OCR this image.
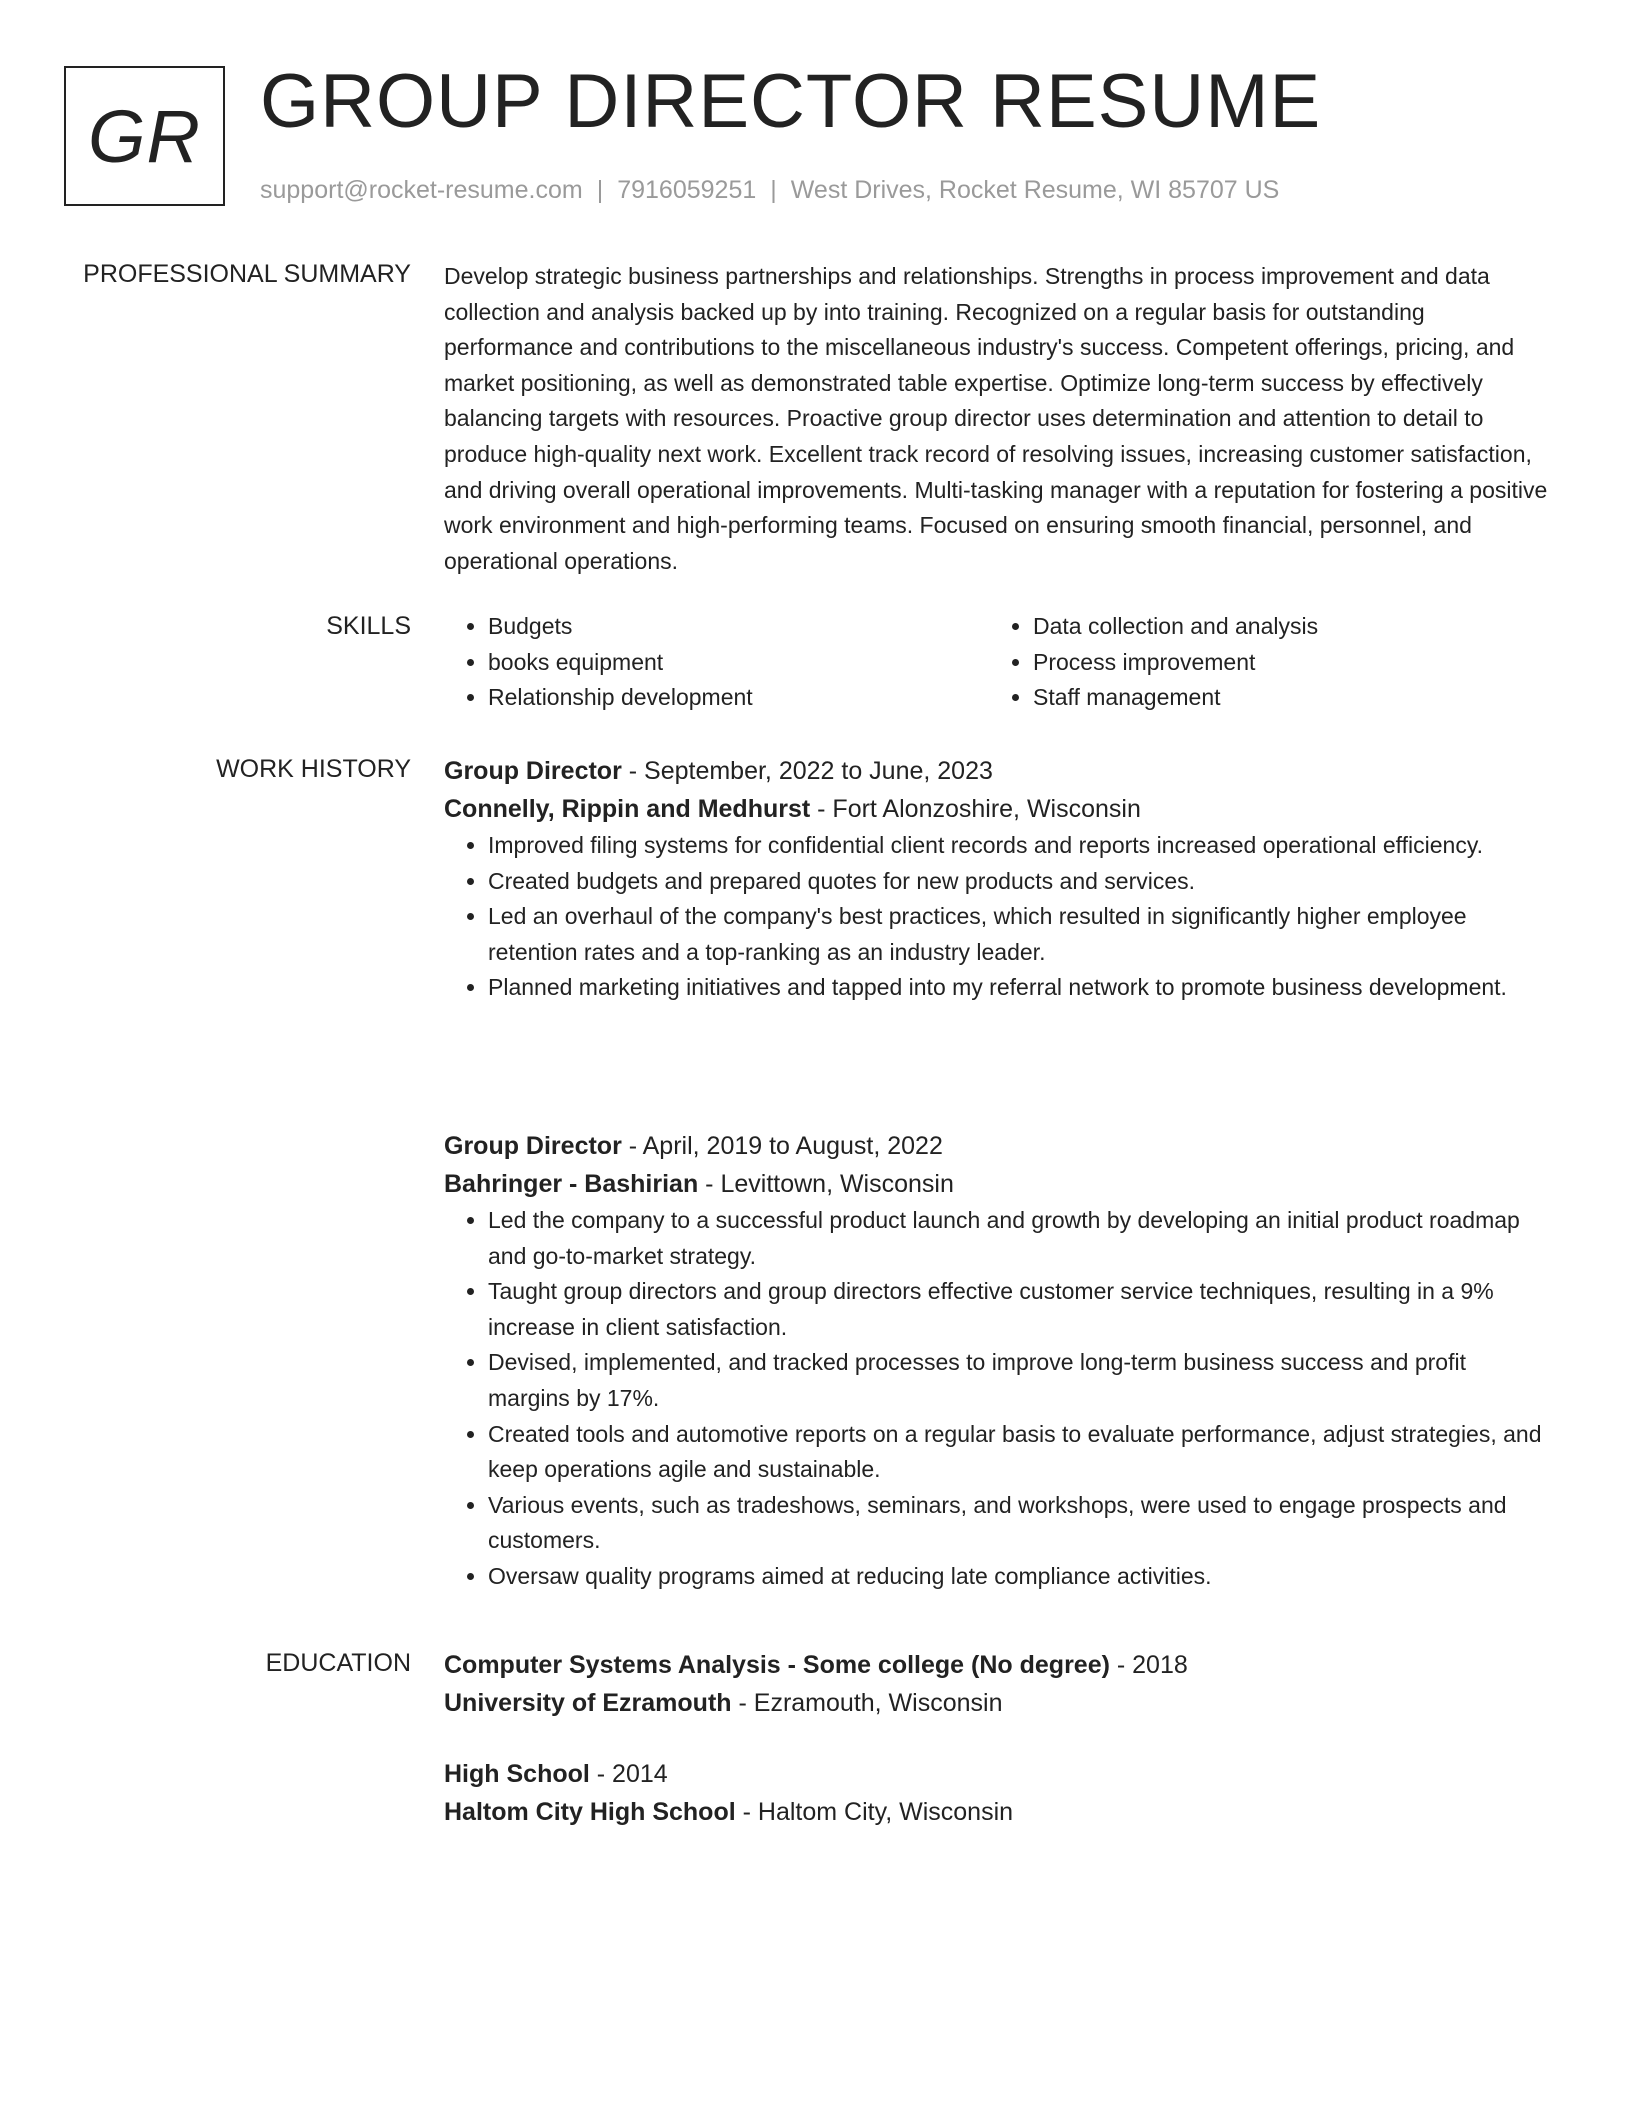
GR GROUP DIRECTOR RESUME
support@rocket-resume.com | 7916059251 | West Drives, Rocket Resume, WI 85707 US
PROFESSIONAL SUMMARY Develop strategic business partnerships and relationships. Strengths in process improvement and data collection and analysis backed up by into training. Recognized on a regular basis for outstanding performance and contributions to the miscellaneous industry's success. Competent offerings, pricing, and market positioning, as well as demonstrated table expertise. Optimize long-term success by effectively balancing targets with resources. Proactive group director uses determination and attention to detail to produce high-quality next work. Excellent track record of resolving issues, increasing customer satisfaction, and driving overall operational improvements. Multi-tasking manager with a reputation for fostering a positive work environment and high-performing teams. Focused on ensuring smooth financial, personnel, and operational operations.

SKILLS
•	Budgets
• books equipment
• Relationship development
• Data collection and analysis
• Process improvement
• Staff management
WORK HISTORY Group Director - September, 2022 to June, 2023
Connelly, Rippin and Medhurst - Fort Alonzoshire, Wisconsin
• Improved filing systems for confidential client records and reports increased operational efficiency.
• Created budgets and prepared quotes for new products and services.
• Led an overhaul of the company's best practices, which resulted in significantly higher employee retention rates and a top-ranking as an industry leader.
• Planned marketing initiatives and tapped into my referral network to promote business development.
Group Director - April, 2019 to August, 2022
Bahringer - Bashirian - Levittown, Wisconsin
• Led the company to a successful product launch and growth by developing an initial product roadmap and go-to-market strategy.
• Taught group directors and group directors effective customer service techniques, resulting in a 9% increase in client satisfaction.
• Devised, implemented, and tracked processes to improve long-term business success and profit margins by 17%.
• Created tools and automotive reports on a regular basis to evaluate performance, adjust strategies, and keep operations agile and sustainable.
• Various events, such as tradeshows, seminars, and workshops, were used to engage prospects and customers.
• Oversaw quality programs aimed at reducing late compliance activities.
EDUCATION Computer Systems Analysis - Some college (No degree) - 2018
University of Ezramouth - Ezramouth, Wisconsin
High School - 2014
Haltom City High School - Haltom City, Wisconsin
